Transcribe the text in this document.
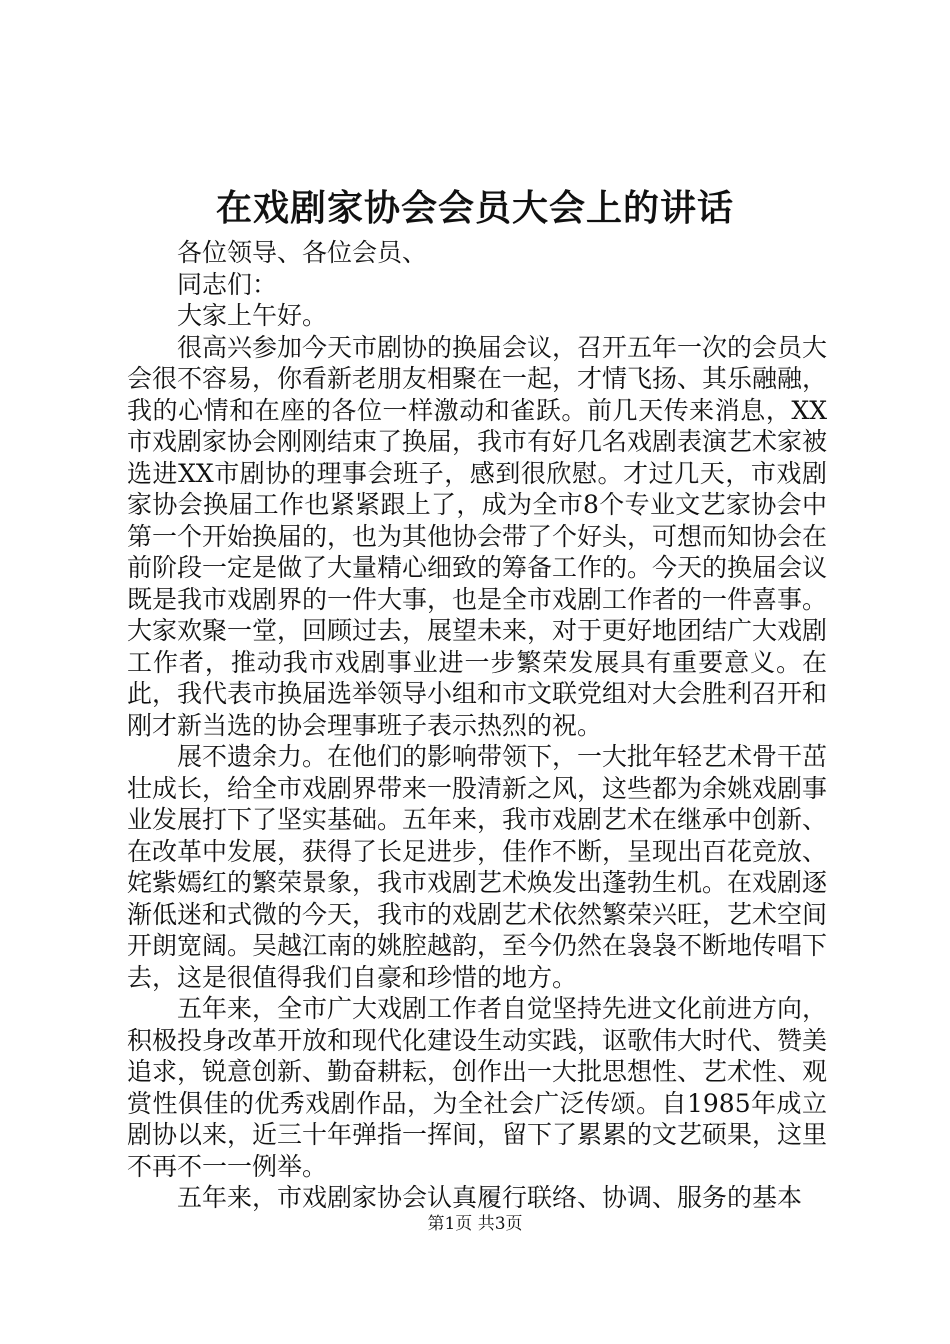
在戏剧家协会会员大会上的讲话

各位领导、各位会员、

同志们：

大家上午好。

很高兴参加今天市剧协的换届会议，召开五年一次的会员大会很不容易，你看新老朋友相聚在一起，才情飞扬、其乐融融，我的心情和在座的各位一样激动和雀跃。前几天传来消息，XX市戏剧家协会刚刚结束了换届，我市有好几名戏剧表演艺术家被选进XX市剧协的理事会班子，感到很欣慰。才过几天，市戏剧家协会换届工作也紧紧跟上了，成为全市8个专业文艺家协会中第一个开始换届的，也为其他协会带了个好头，可想而知协会在前阶段一定是做了大量精心细致的筹备工作的。今天的换届会议既是我市戏剧界的一件大事，也是全市戏剧工作者的一件喜事。大家欢聚一堂，回顾过去，展望未来，对于更好地团结广大戏剧工作者，推动我市戏剧事业进一步繁荣发展具有重要意义。在此，我代表市换届选举领导小组和市文联党组对大会胜利召开和刚才新当选的协会理事班子表示热烈的祝。

展不遗余力。在他们的影响带领下，一大批年轻艺术骨干茁壮成长，给全市戏剧界带来一股清新之风，这些都为余姚戏剧事业发展打下了坚实基础。五年来，我市戏剧艺术在继承中创新、在改革中发展，获得了长足进步，佳作不断，呈现出百花竞放、姹紫嫣红的繁荣景象，我市戏剧艺术焕发出蓬勃生机。在戏剧逐渐低迷和式微的今天，我市的戏剧艺术依然繁荣兴旺，艺术空间开朗宽阔。吴越江南的姚腔越韵，至今仍然在袅袅不断地传唱下去，这是很值得我们自豪和珍惜的地方。

五年来，全市广大戏剧工作者自觉坚持先进文化前进方向，积极投身改革开放和现代化建设生动实践，讴歌伟大时代、赞美追求，锐意创新、勤奋耕耘，创作出一大批思想性、艺术性、观赏性俱佳的优秀戏剧作品，为全社会广泛传颂。自1985年成立剧协以来，近三十年弹指一挥间，留下了累累的文艺硕果，这里不再不一一例举。

五年来，市戏剧家协会认真履行联络、协调、服务的基本

第1页 共3页
